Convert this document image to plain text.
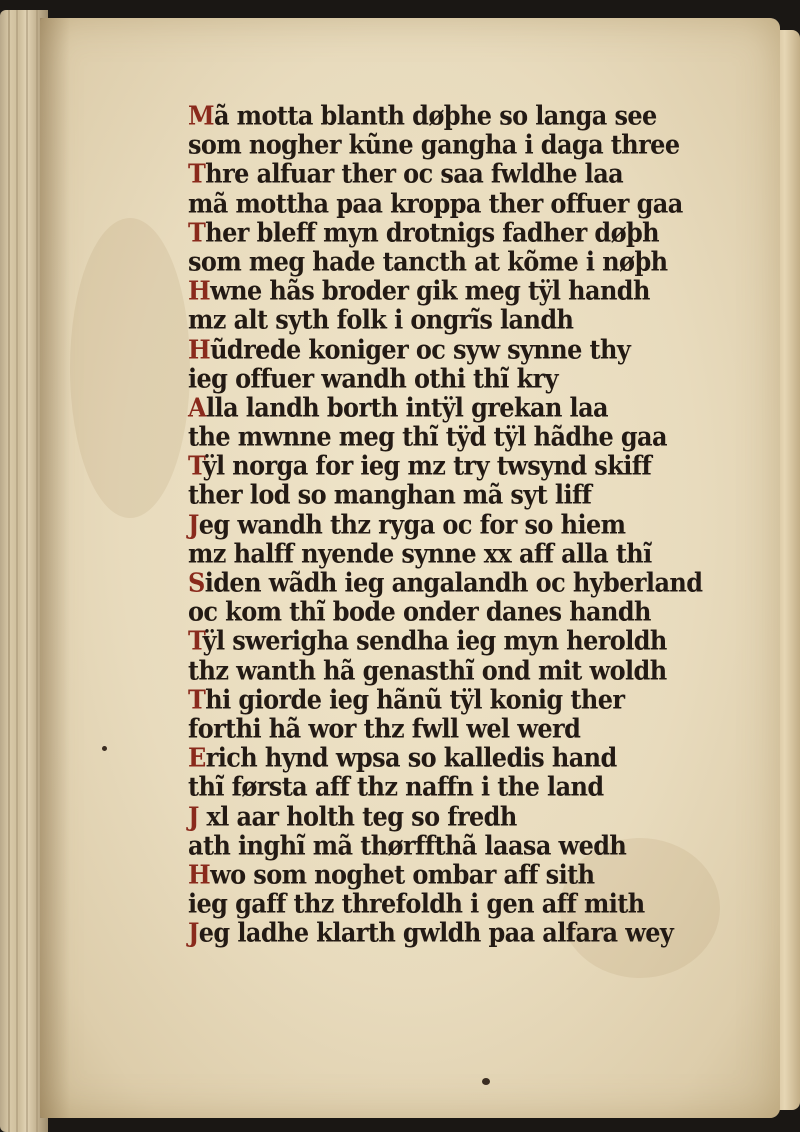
Mã motta blanth døþhe so langa see
som nogher kũne gangha i daga three
Thre alfuar ther oc saa fwldhe laa
mã mottha paa kroppa ther offuer gaa
Ther bleff myn drotnigs fadher døþh
som meg hade tancth at kõme i nøþh
Hwne hãs broder gik meg tÿl handh
mz alt syth folk i ongrĩs landh
Hũdrede koniger oc syw synne thy
ieg offuer wandh othi thĩ kry
Alla landh borth intÿl grekan laa
the mwnne meg thĩ tÿd tÿl hãdhe gaa
Tÿl norga for ieg mz try twsynd skiff
ther lod so manghan mã syt liff
Jeg wandh thz ryga oc for so hiem
mz halff nyende synne xx aff alla thĩ
Siden wãdh ieg angalandh oc hyberland
oc kom thĩ bode onder danes handh
Tÿl swerigha sendha ieg myn heroldh
thz wanth hã genasthĩ ond mit woldh
Thi giorde ieg hãnũ tÿl konig ther
forthi hã wor thz fwll wel werd
Erich hynd wpsa so kalledis hand
thĩ førsta aff thz naffn i the land
J xl aar holth teg so fredh
ath inghĩ mã thørffthã laasa wedh
Hwo som noghet ombar aff sith
ieg gaff thz threfoldh i gen aff mith
Jeg ladhe klarth gwldh paa alfara wey
